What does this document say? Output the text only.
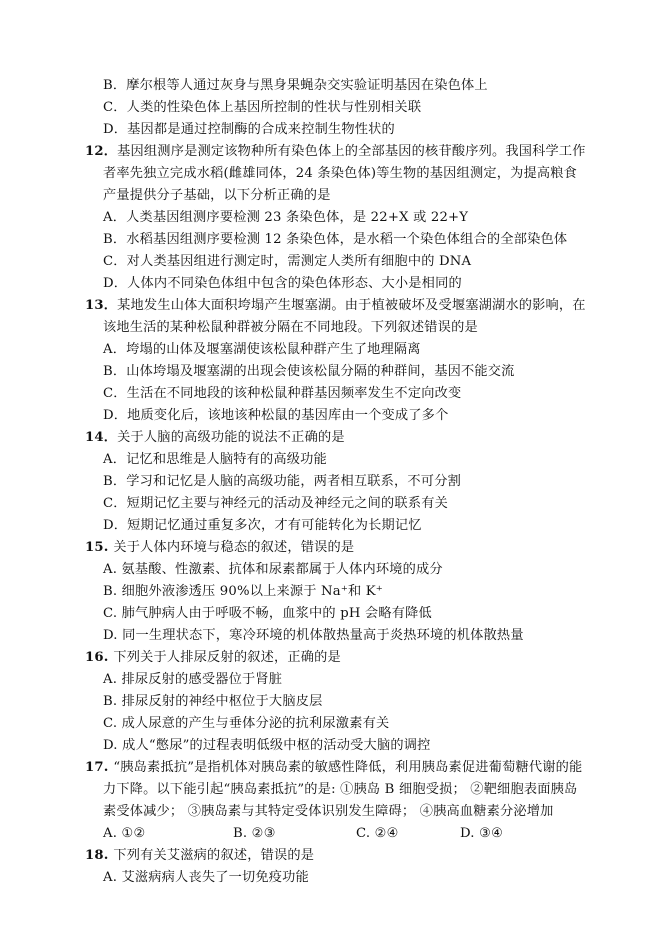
B．摩尔根等人通过灰身与黑身果蝇杂交实验证明基因在染色体上
C．人类的性染色体上基因所控制的性状与性别相关联
D．基因都是通过控制酶的合成来控制生物性状的
12．基因组测序是测定该物种所有染色体上的全部基因的核苷酸序列。我国科学工作
者率先独立完成水稻(雌雄同体，24 条染色体)等生物的基因组测定，为提高粮食
产量提供分子基础，以下分析正确的是
A．人类基因组测序要检测 23 条染色体，是 22+X 或 22+Y
B．水稻基因组测序要检测 12 条染色体，是水稻一个染色体组合的全部染色体
C．对人类基因组进行测定时，需测定人类所有细胞中的 DNA
D．人体内不同染色体组中包含的染色体形态、大小是相同的
13．某地发生山体大面积垮塌产生堰塞湖。由于植被破坏及受堰塞湖湖水的影响，在
该地生活的某种松鼠种群被分隔在不同地段。下列叙述错误的是
A．垮塌的山体及堰塞湖使该松鼠种群产生了地理隔离
B．山体垮塌及堰塞湖的出现会使该松鼠分隔的种群间，基因不能交流
C．生活在不同地段的该种松鼠种群基因频率发生不定向改变
D．地质变化后，该地该种松鼠的基因库由一个变成了多个
14．关于人脑的高级功能的说法不正确的是
A．记忆和思维是人脑特有的高级功能
B．学习和记忆是人脑的高级功能，两者相互联系，不可分割
C．短期记忆主要与神经元的活动及神经元之间的联系有关
D．短期记忆通过重复多次，才有可能转化为长期记忆
15. 关于人体内环境与稳态的叙述，错误的是
A. 氨基酸、性激素、抗体和尿素都属于人体内环境的成分
B. 细胞外液渗透压 90%以上来源于 Na⁺和 K⁺
C. 肺气肿病人由于呼吸不畅，血浆中的 pH 会略有降低
D. 同一生理状态下，寒冷环境的机体散热量高于炎热环境的机体散热量
16. 下列关于人排尿反射的叙述，正确的是
A. 排尿反射的感受器位于肾脏
B. 排尿反射的神经中枢位于大脑皮层
C. 成人尿意的产生与垂体分泌的抗利尿激素有关
D. 成人“憋尿”的过程表明低级中枢的活动受大脑的调控
17. “胰岛素抵抗”是指机体对胰岛素的敏感性降低，利用胰岛素促进葡萄糖代谢的能
力下降。以下能引起“胰岛素抵抗”的是: ①胰岛 B 细胞受损； ②靶细胞表面胰岛
素受体减少； ③胰岛素与其特定受体识别发生障碍； ④胰高血糖素分泌增加
A. ①②	B. ②③	C. ②④	D. ③④
18. 下列有关艾滋病的叙述，错误的是
A. 艾滋病病人丧失了一切免疫功能
